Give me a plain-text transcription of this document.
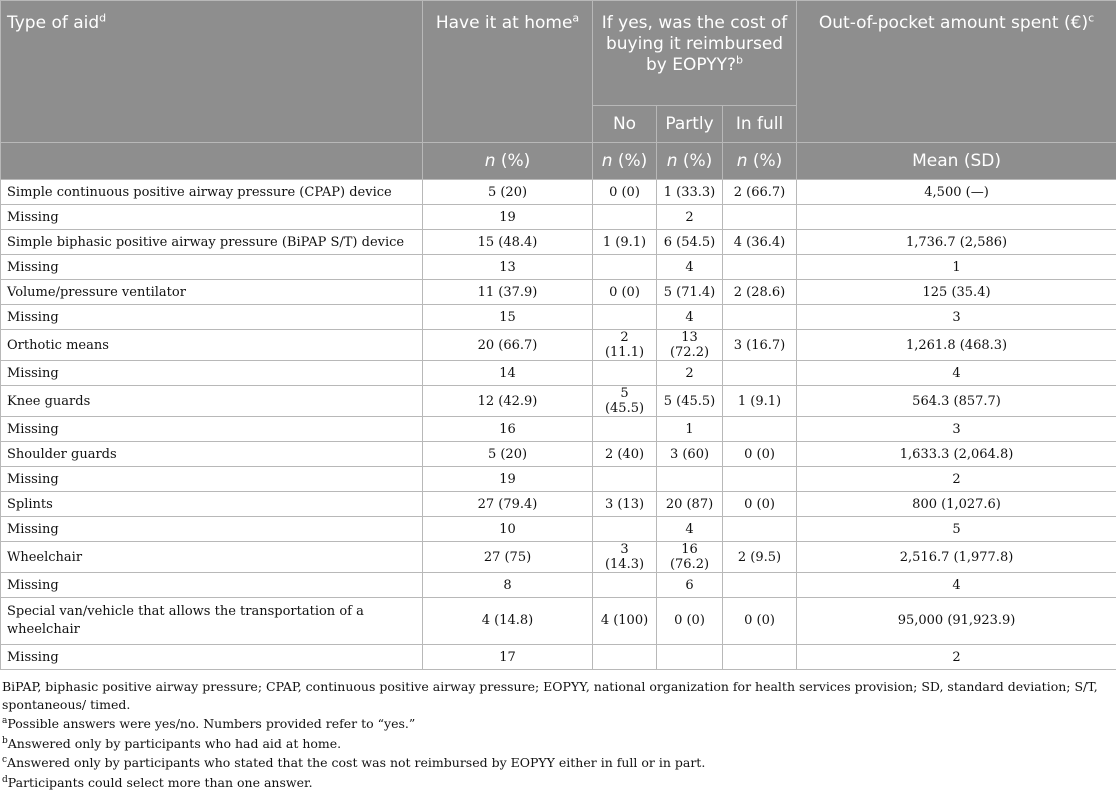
Type of aid$^d$	Have it at home$^a$	If yes, was the cost of buying it reimbursed by EOPYY?$^b$			Out-of-pocket amount spent (€)$^c$
		No	Partly	In full	
	n (%)	n (%)	n (%)	n (%)	Mean (SD)
Simple continuous positive airway pressure (CPAP) device	5 (20)	0 (0)	1 (33.3)	2 (66.7)	4,500 (—)
Missing	19		2		
Simple biphasic positive airway pressure (BiPAP S/T) device	15 (48.4)	1 (9.1)	6 (54.5)	4 (36.4)	1,736.7 (2,586)
Missing	13		4		1
Volume/pressure ventilator	11 (37.9)	0 (0)	5 (71.4)	2 (28.6)	125 (35.4)
Missing	15		4		3
Orthotic means	20 (66.7)	2 (11.1)	13 (72.2)	3 (16.7)	1,261.8 (468.3)
Missing	14		2		4
Knee guards	12 (42.9)	5 (45.5)	5 (45.5)	1 (9.1)	564.3 (857.7)
Missing	16		1		3
Shoulder guards	5 (20)	2 (40)	3 (60)	0 (0)	1,633.3 (2,064.8)
Missing	19				2
Splints	27 (79.4)	3 (13)	20 (87)	0 (0)	800 (1,027.6)
Missing	10		4		5
Wheelchair	27 (75)	3 (14.3)	16 (76.2)	2 (9.5)	2,516.7 (1,977.8)
Missing	8		6		4
Special van/vehicle that allows the transportation of a wheelchair	4 (14.8)	4 (100)	0 (0)	0 (0)	95,000 (91,923.9)
Missing	17				2

BiPAP, biphasic positive airway pressure; CPAP, continuous positive airway pressure; EOPYY, national organization for health services provision; SD, standard deviation; S/T, spontaneous/ timed.

$^a$Possible answers were yes/no. Numbers provided refer to “yes.”

$^b$Answered only by participants who had aid at home.

$^c$Answered only by participants who stated that the cost was not reimbursed by EOPYY either in full or in part.

$^d$Participants could select more than one answer.
